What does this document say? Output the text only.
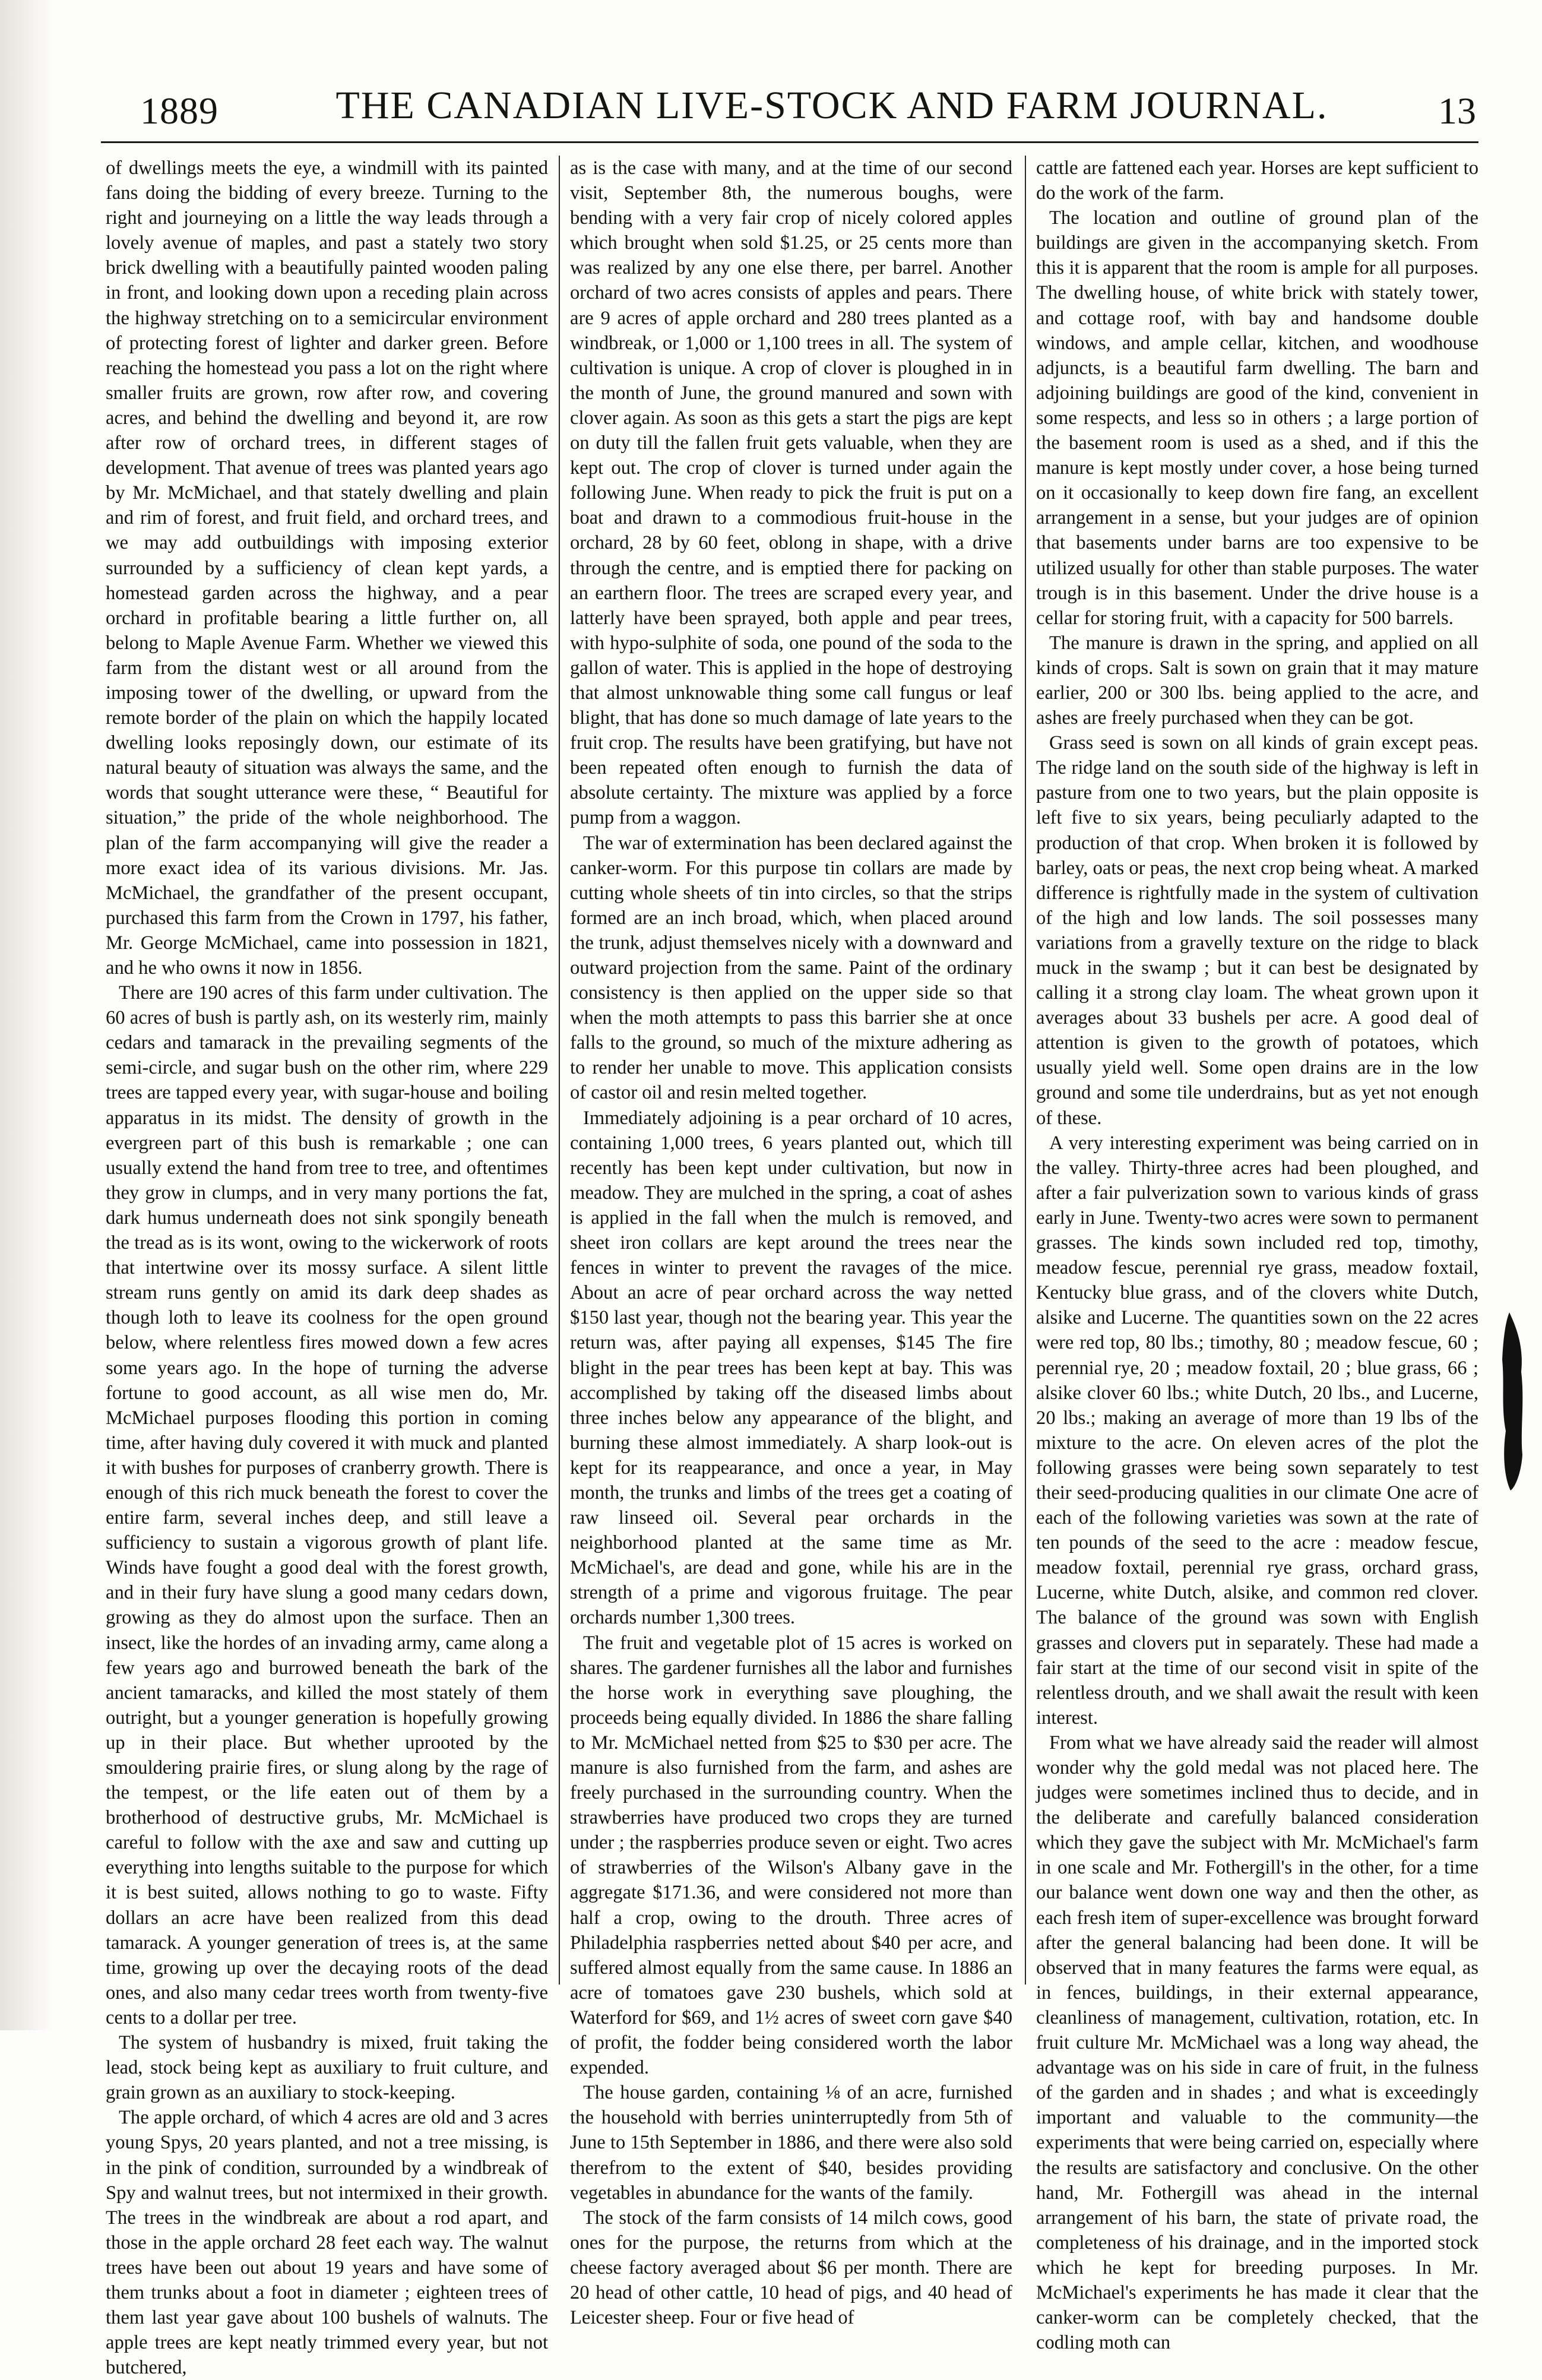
1889	THE CANADIAN LIVE-STOCK AND FARM JOURNAL.	13

of dwellings meets the eye, a windmill with its painted fans doing the bidding of every breeze. Turning to the right and journeying on a little the way leads through a lovely avenue of maples, and past a stately two story brick dwelling with a beautifully painted wooden paling in front, and looking down upon a receding plain across the highway stretching on to a semicircular environment of protecting forest of lighter and darker green. Before reaching the homestead you pass a lot on the right where smaller fruits are grown, row after row, and covering acres, and behind the dwelling and beyond it, are row after row of orchard trees, in different stages of development. That avenue of trees was planted years ago by Mr. McMichael, and that stately dwelling and plain and rim of forest, and fruit field, and orchard trees, and we may add outbuildings with imposing exterior surrounded by a sufficiency of clean kept yards, a homestead garden across the highway, and a pear orchard in profitable bearing a little further on, all belong to Maple Avenue Farm. Whether we viewed this farm from the distant west or all around from the imposing tower of the dwelling, or upward from the remote border of the plain on which the happily located dwelling looks reposingly down, our estimate of its natural beauty of situation was always the same, and the words that sought utterance were these, “ Beautiful for situation,” the pride of the whole neighborhood. The plan of the farm accompanying will give the reader a more exact idea of its various divisions. Mr. Jas. McMichael, the grandfather of the present occupant, purchased this farm from the Crown in 1797, his father, Mr. George McMichael, came into possession in 1821, and he who owns it now in 1856.

There are 190 acres of this farm under cultivation. The 60 acres of bush is partly ash, on its westerly rim, mainly cedars and tamarack in the prevailing segments of the semi-circle, and sugar bush on the other rim, where 229 trees are tapped every year, with sugar-house and boiling apparatus in its midst. The density of growth in the evergreen part of this bush is remarkable ; one can usually extend the hand from tree to tree, and oftentimes they grow in clumps, and in very many portions the fat, dark humus underneath does not sink spongily beneath the tread as is its wont, owing to the wickerwork of roots that intertwine over its mossy surface. A silent little stream runs gently on amid its dark deep shades as though loth to leave its coolness for the open ground below, where relentless fires mowed down a few acres some years ago. In the hope of turning the adverse fortune to good account, as all wise men do, Mr. McMichael purposes flooding this portion in coming time, after having duly covered it with muck and planted it with bushes for purposes of cranberry growth. There is enough of this rich muck beneath the forest to cover the entire farm, several inches deep, and still leave a sufficiency to sustain a vigorous growth of plant life. Winds have fought a good deal with the forest growth, and in their fury have slung a good many cedars down, growing as they do almost upon the surface. Then an insect, like the hordes of an invading army, came along a few years ago and burrowed beneath the bark of the ancient tamaracks, and killed the most stately of them outright, but a younger generation is hopefully growing up in their place. But whether uprooted by the smouldering prairie fires, or slung along by the rage of the tempest, or the life eaten out of them by a brotherhood of destructive grubs, Mr. McMichael is careful to follow with the axe and saw and cutting up everything into lengths suitable to the purpose for which it is best suited, allows nothing to go to waste. Fifty dollars an acre have been realized from this dead tamarack. A younger generation of trees is, at the same time, growing up over the decaying roots of the dead ones, and also many cedar trees worth from twenty-five cents to a dollar per tree.

The system of husbandry is mixed, fruit taking the lead, stock being kept as auxiliary to fruit culture, and grain grown as an auxiliary to stock-keeping.

The apple orchard, of which 4 acres are old and 3 acres young Spys, 20 years planted, and not a tree missing, is in the pink of condition, surrounded by a windbreak of Spy and walnut trees, but not intermixed in their growth. The trees in the windbreak are about a rod apart, and those in the apple orchard 28 feet each way. The walnut trees have been out about 19 years and have some of them trunks about a foot in diameter ; eighteen trees of them last year gave about 100 bushels of walnuts. The apple trees are kept neatly trimmed every year, but not butchered,

as is the case with many, and at the time of our second visit, September 8th, the numerous boughs, were bending with a very fair crop of nicely colored apples which brought when sold $1.25, or 25 cents more than was realized by any one else there, per barrel. Another orchard of two acres consists of apples and pears. There are 9 acres of apple orchard and 280 trees planted as a windbreak, or 1,000 or 1,100 trees in all. The system of cultivation is unique. A crop of clover is ploughed in in the month of June, the ground manured and sown with clover again. As soon as this gets a start the pigs are kept on duty till the fallen fruit gets valuable, when they are kept out. The crop of clover is turned under again the following June. When ready to pick the fruit is put on a boat and drawn to a commodious fruit-house in the orchard, 28 by 60 feet, oblong in shape, with a drive through the centre, and is emptied there for packing on an earthern floor. The trees are scraped every year, and latterly have been sprayed, both apple and pear trees, with hypo-sulphite of soda, one pound of the soda to the gallon of water. This is applied in the hope of destroying that almost unknowable thing some call fungus or leaf blight, that has done so much damage of late years to the fruit crop. The results have been gratifying, but have not been repeated often enough to furnish the data of absolute certainty. The mixture was applied by a force pump from a waggon.

The war of extermination has been declared against the canker-worm. For this purpose tin collars are made by cutting whole sheets of tin into circles, so that the strips formed are an inch broad, which, when placed around the trunk, adjust themselves nicely with a downward and outward projection from the same. Paint of the ordinary consistency is then applied on the upper side so that when the moth attempts to pass this barrier she at once falls to the ground, so much of the mixture adhering as to render her unable to move. This application consists of castor oil and resin melted together.

Immediately adjoining is a pear orchard of 10 acres, containing 1,000 trees, 6 years planted out, which till recently has been kept under cultivation, but now in meadow. They are mulched in the spring, a coat of ashes is applied in the fall when the mulch is removed, and sheet iron collars are kept around the trees near the fences in winter to prevent the ravages of the mice. About an acre of pear orchard across the way netted $150 last year, though not the bearing year. This year the return was, after paying all expenses, $145 The fire blight in the pear trees has been kept at bay. This was accomplished by taking off the diseased limbs about three inches below any appearance of the blight, and burning these almost immediately. A sharp look-out is kept for its reappearance, and once a year, in May month, the trunks and limbs of the trees get a coating of raw linseed oil. Several pear orchards in the neighborhood planted at the same time as Mr. McMichael's, are dead and gone, while his are in the strength of a prime and vigorous fruitage. The pear orchards number 1,300 trees.

The fruit and vegetable plot of 15 acres is worked on shares. The gardener furnishes all the labor and furnishes the horse work in everything save ploughing, the proceeds being equally divided. In 1886 the share falling to Mr. McMichael netted from $25 to $30 per acre. The manure is also furnished from the farm, and ashes are freely purchased in the surrounding country. When the strawberries have produced two crops they are turned under ; the raspberries produce seven or eight. Two acres of strawberries of the Wilson's Albany gave in the aggregate $171.36, and were considered not more than half a crop, owing to the drouth. Three acres of Philadelphia raspberries netted about $40 per acre, and suffered almost equally from the same cause. In 1886 an acre of tomatoes gave 230 bushels, which sold at Waterford for $69, and 1½ acres of sweet corn gave $40 of profit, the fodder being considered worth the labor expended.

The house garden, containing ⅛ of an acre, furnished the household with berries uninterruptedly from 5th of June to 15th September in 1886, and there were also sold therefrom to the extent of $40, besides providing vegetables in abundance for the wants of the family.

The stock of the farm consists of 14 milch cows, good ones for the purpose, the returns from which at the cheese factory averaged about $6 per month. There are 20 head of other cattle, 10 head of pigs, and 40 head of Leicester sheep. Four or five head of

cattle are fattened each year. Horses are kept sufficient to do the work of the farm.

The location and outline of ground plan of the buildings are given in the accompanying sketch. From this it is apparent that the room is ample for all purposes. The dwelling house, of white brick with stately tower, and cottage roof, with bay and handsome double windows, and ample cellar, kitchen, and woodhouse adjuncts, is a beautiful farm dwelling. The barn and adjoining buildings are good of the kind, convenient in some respects, and less so in others ; a large portion of the basement room is used as a shed, and if this the manure is kept mostly under cover, a hose being turned on it occasionally to keep down fire fang, an excellent arrangement in a sense, but your judges are of opinion that basements under barns are too expensive to be utilized usually for other than stable purposes. The water trough is in this basement. Under the drive house is a cellar for storing fruit, with a capacity for 500 barrels.

The manure is drawn in the spring, and applied on all kinds of crops. Salt is sown on grain that it may mature earlier, 200 or 300 lbs. being applied to the acre, and ashes are freely purchased when they can be got.

Grass seed is sown on all kinds of grain except peas. The ridge land on the south side of the highway is left in pasture from one to two years, but the plain opposite is left five to six years, being peculiarly adapted to the production of that crop. When broken it is followed by barley, oats or peas, the next crop being wheat. A marked difference is rightfully made in the system of cultivation of the high and low lands. The soil possesses many variations from a gravelly texture on the ridge to black muck in the swamp ; but it can best be designated by calling it a strong clay loam. The wheat grown upon it averages about 33 bushels per acre. A good deal of attention is given to the growth of potatoes, which usually yield well. Some open drains are in the low ground and some tile underdrains, but as yet not enough of these.

A very interesting experiment was being carried on in the valley. Thirty-three acres had been ploughed, and after a fair pulverization sown to various kinds of grass early in June. Twenty-two acres were sown to permanent grasses. The kinds sown included red top, timothy, meadow fescue, perennial rye grass, meadow foxtail, Kentucky blue grass, and of the clovers white Dutch, alsike and Lucerne. The quantities sown on the 22 acres were red top, 80 lbs.; timothy, 80 ; meadow fescue, 60 ; perennial rye, 20 ; meadow foxtail, 20 ; blue grass, 66 ; alsike clover 60 lbs.; white Dutch, 20 lbs., and Lucerne, 20 lbs.; making an average of more than 19 lbs of the mixture to the acre. On eleven acres of the plot the following grasses were being sown separately to test their seed-producing qualities in our climate One acre of each of the following varieties was sown at the rate of ten pounds of the seed to the acre : meadow fescue, meadow foxtail, perennial rye grass, orchard grass, Lucerne, white Dutch, alsike, and common red clover. The balance of the ground was sown with English grasses and clovers put in separately. These had made a fair start at the time of our second visit in spite of the relentless drouth, and we shall await the result with keen interest.

From what we have already said the reader will almost wonder why the gold medal was not placed here. The judges were sometimes inclined thus to decide, and in the deliberate and carefully balanced consideration which they gave the subject with Mr. McMichael's farm in one scale and Mr. Fothergill's in the other, for a time our balance went down one way and then the other, as each fresh item of super-excellence was brought forward after the general balancing had been done. It will be observed that in many features the farms were equal, as in fences, buildings, in their external appearance, cleanliness of management, cultivation, rotation, etc. In fruit culture Mr. McMichael was a long way ahead, the advantage was on his side in care of fruit, in the fulness of the garden and in shades ; and what is exceedingly important and valuable to the community—the experiments that were being carried on, especially where the results are satisfactory and conclusive. On the other hand, Mr. Fothergill was ahead in the internal arrangement of his barn, the state of private road, the completeness of his drainage, and in the imported stock which he kept for breeding purposes. In Mr. McMichael's experiments he has made it clear that the canker-worm can be completely checked, that the codling moth can
